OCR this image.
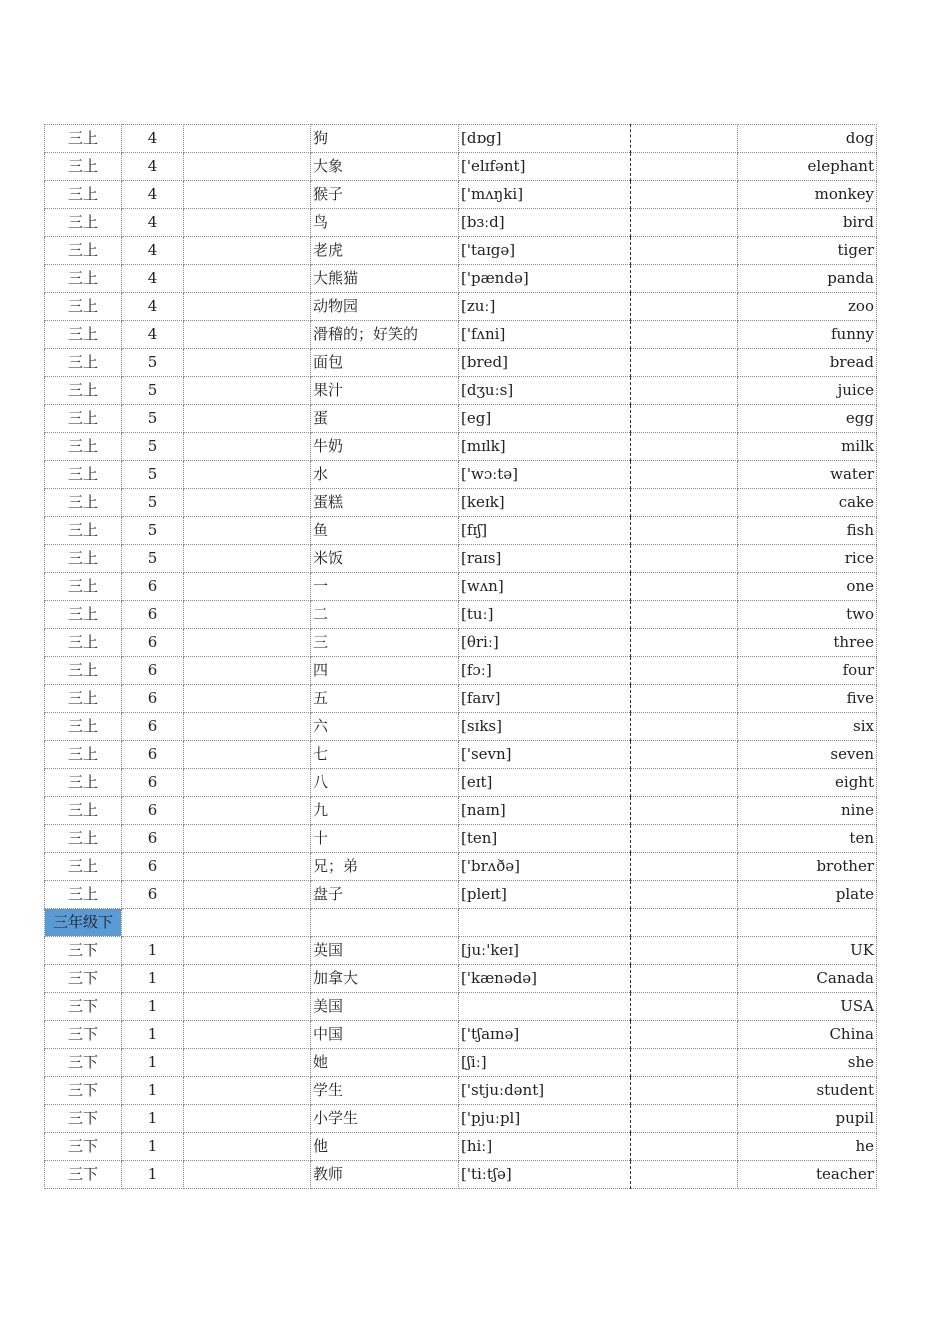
三上	4		狗	[dɒg]		dog
三上	4		大象	['elɪfənt]		elephant
三上	4		猴子	['mʌŋki]		monkey
三上	4		鸟	[bɜːd]		bird
三上	4		老虎	['taɪgə]		tiger
三上	4		大熊猫	['pændə]		panda
三上	4		动物园	[zuː]		zoo
三上	4		滑稽的；好笑的	['fʌni]		funny
三上	5		面包	[bred]		bread
三上	5		果汁	[dʒuːs]		juice
三上	5		蛋	[eg]		egg
三上	5		牛奶	[mɪlk]		milk
三上	5		水	['wɔːtə]		water
三上	5		蛋糕	[keɪk]		cake
三上	5		鱼	[fɪʃ]		fish
三上	5		米饭	[raɪs]		rice
三上	6		一	[wʌn]		one
三上	6		二	[tuː]		two
三上	6		三	[θriː]		three
三上	6		四	[fɔː]		four
三上	6		五	[faɪv]		five
三上	6		六	[sɪks]		six
三上	6		七	['sevn]		seven
三上	6		八	[eɪt]		eight
三上	6		九	[naɪn]		nine
三上	6		十	[ten]		ten
三上	6		兄；弟	['brʌðə]		brother
三上	6		盘子	[pleɪt]		plate
三年级下						
三下	1		英国	[juː'keɪ]		UK
三下	1		加拿大	['kænədə]		Canada
三下	1		美国			USA
三下	1		中国	['tʃaɪnə]		China
三下	1		她	[ʃiː]		she
三下	1		学生	['stjuːdənt]		student
三下	1		小学生	['pjuːpl]		pupil
三下	1		他	[hiː]		he
三下	1		教师	['tiːtʃə]		teacher
